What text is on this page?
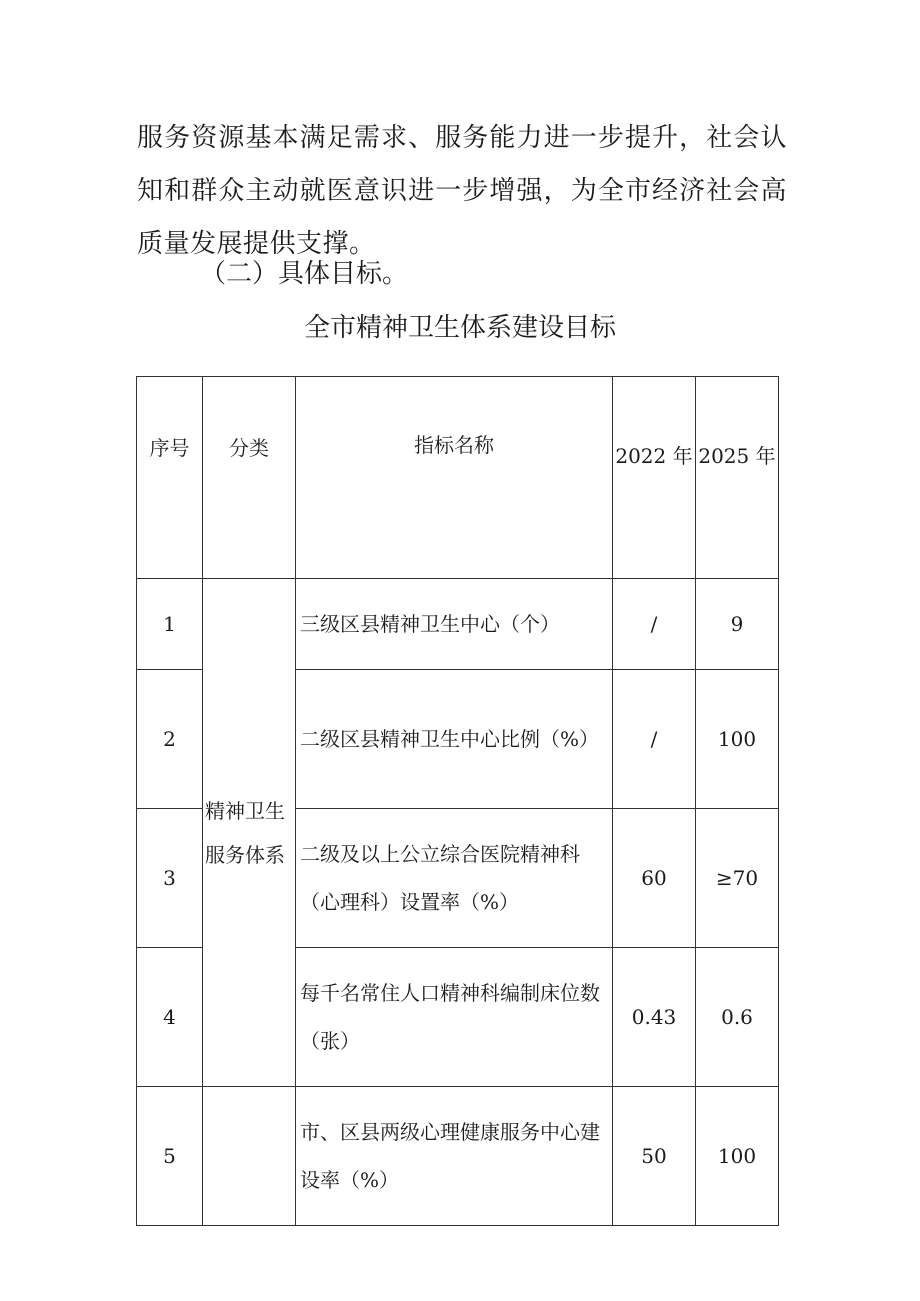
服务资源基本满足需求、服务能力进一步提升，社会认知和群众主动就医意识进一步增强，为全市经济社会高质量发展提供支撑。
（二）具体目标。
全市精神卫生体系建设目标
序号	分类	指标名称	2022 年	2025 年
1	精神卫生服务体系	三级区县精神卫生中心（个）	/	9
2		二级区县精神卫生中心比例（%）	/	100
3		二级及以上公立综合医院精神科（心理科）设置率（%）	60	≥70
4		每千名常住人口精神科编制床位数（张）	0.43	0.6
5		市、区县两级心理健康服务中心建设率（%）	50	100
